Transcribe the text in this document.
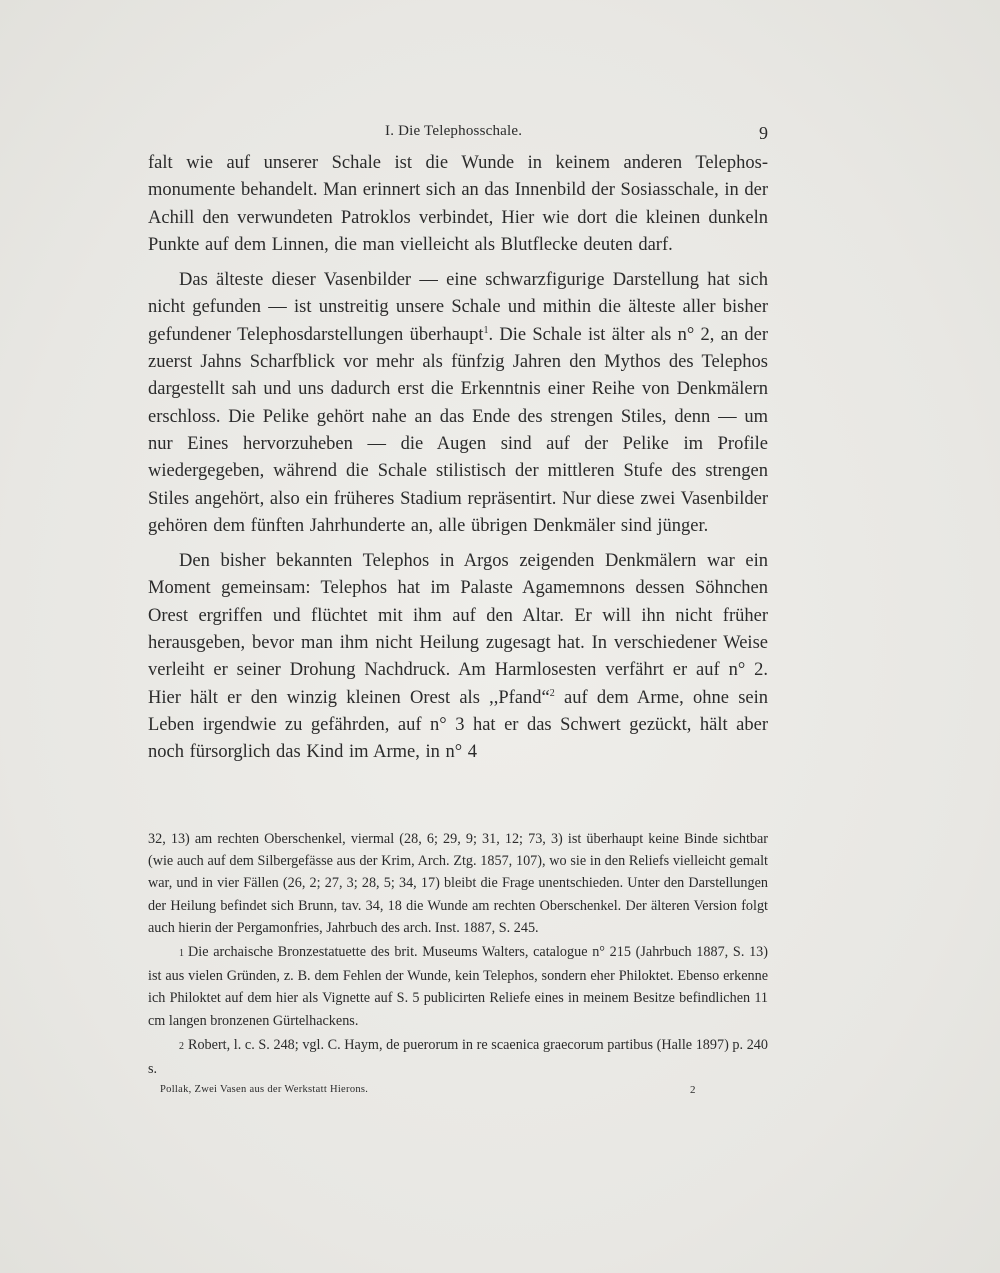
I. Die Telephosschale.	9

falt wie auf unserer Schale ist die Wunde in keinem anderen Telephos-monumente behandelt. Man erinnert sich an das Innenbild der Sosiasschale, in der Achill den verwundeten Patroklos verbindet, Hier wie dort die kleinen dunkeln Punkte auf dem Linnen, die man vielleicht als Blutflecke deuten darf.

Das älteste dieser Vasenbilder — eine schwarzfigurige Darstellung hat sich nicht gefunden — ist unstreitig unsere Schale und mithin die älteste aller bisher gefundener Telephosdarstellungen überhaupt$^1$. Die Schale ist älter als n° 2, an der zuerst Jahns Scharfblick vor mehr als fünfzig Jahren den Mythos des Telephos dargestellt sah und uns dadurch erst die Erkenntnis einer Reihe von Denkmälern erschloss. Die Pelike gehört nahe an das Ende des strengen Stiles, denn — um nur Eines hervorzuheben — die Augen sind auf der Pelike im Profile wiedergegeben, während die Schale stilistisch der mittleren Stufe des strengen Stiles angehört, also ein früheres Stadium repräsentirt. Nur diese zwei Vasenbilder gehören dem fünften Jahrhunderte an, alle übrigen Denkmäler sind jünger.

Den bisher bekannten Telephos in Argos zeigenden Denkmälern war ein Moment gemeinsam: Telephos hat im Palaste Agamemnons dessen Söhnchen Orest ergriffen und flüchtet mit ihm auf den Altar. Er will ihn nicht früher herausgeben, bevor man ihm nicht Heilung zugesagt hat. In verschiedener Weise verleiht er seiner Drohung Nachdruck. Am Harmlosesten verfährt er auf n° 2. Hier hält er den winzig kleinen Orest als ,,Pfand“$^2$ auf dem Arme, ohne sein Leben irgendwie zu gefährden, auf n° 3 hat er das Schwert gezückt, hält aber noch fürsorglich das Kind im Arme, in n° 4

32, 13) am rechten Oberschenkel, viermal (28, 6; 29, 9; 31, 12; 73, 3) ist überhaupt keine Binde sichtbar (wie auch auf dem Silbergefässe aus der Krim, Arch. Ztg. 1857, 107), wo sie in den Reliefs vielleicht gemalt war, und in vier Fällen (26, 2; 27, 3; 28, 5; 34, 17) bleibt die Frage unentschieden. Unter den Darstellungen der Heilung befindet sich Brunn, tav. 34, 18 die Wunde am rechten Oberschenkel. Der älteren Version folgt auch hierin der Pergamonfries, Jahrbuch des arch. Inst. 1887, S. 245.

1 Die archaische Bronzestatuette des brit. Museums Walters, catalogue n° 215 (Jahrbuch 1887, S. 13) ist aus vielen Gründen, z. B. dem Fehlen der Wunde, kein Telephos, sondern eher Philoktet. Ebenso erkenne ich Philoktet auf dem hier als Vignette auf S. 5 publicirten Reliefe eines in meinem Besitze befindlichen 11 cm langen bronzenen Gürtelhackens.

2 Robert, l. c. S. 248; vgl. C. Haym, de puerorum in re scaenica graecorum partibus (Halle 1897) p. 240 s.

Pollak, Zwei Vasen aus der Werkstatt Hierons.	2
